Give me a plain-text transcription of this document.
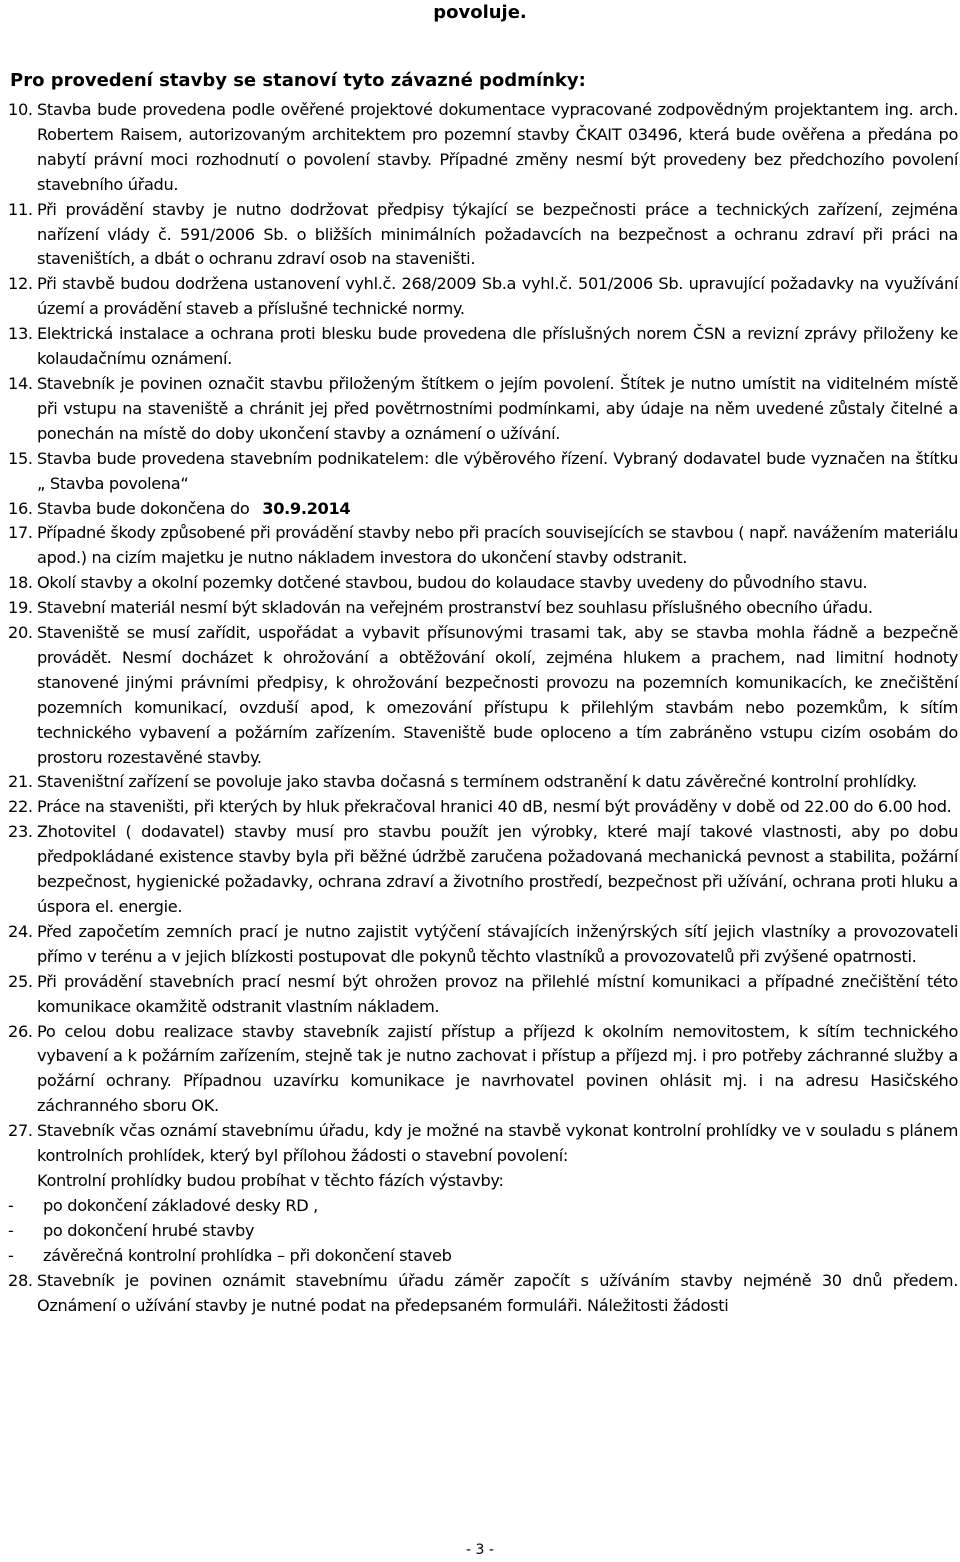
povoluje.
Pro provedení stavby se stanoví tyto závazné podmínky:
10. Stavba bude provedena podle ověřené projektové dokumentace vypracované zodpovědným projektantem ing. arch. Robertem Raisem, autorizovaným architektem pro pozemní stavby ČKAIT 03496, která bude ověřena a předána po nabytí právní moci rozhodnutí o povolení stavby. Případné změny nesmí být provedeny bez předchozího povolení stavebního úřadu.
11. Při provádění stavby je nutno dodržovat předpisy týkající se bezpečnosti práce a technických zařízení, zejména nařízení vlády č. 591/2006 Sb. o bližších minimálních požadavcích na bezpečnost a ochranu zdraví při práci na staveništích, a dbát o ochranu zdraví osob na staveništi.
12. Při stavbě budou dodržena ustanovení vyhl.č. 268/2009 Sb.a vyhl.č. 501/2006 Sb. upravující požadavky na využívání území a provádění staveb a příslušné technické normy.
13. Elektrická instalace a ochrana proti blesku bude provedena dle příslušných norem ČSN a revizní zprávy přiloženy ke kolaudačnímu oznámení.
14. Stavebník je povinen označit stavbu přiloženým štítkem o jejím povolení. Štítek je nutno umístit na viditelném místě při vstupu na staveniště a chránit jej před povětrnostními podmínkami, aby údaje na něm uvedené zůstaly čitelné a ponechán na místě do doby ukončení stavby a oznámení o užívání.
15. Stavba bude provedena stavebním podnikatelem: dle výběrového řízení. Vybraný dodavatel bude vyznačen na štítku „ Stavba povolena“
16. Stavba bude dokončena do 30.9.2014
17. Případné škody způsobené při provádění stavby nebo při pracích souvisejících se stavbou ( např. navážením materiálu apod.) na cizím majetku je nutno nákladem investora do ukončení stavby odstranit.
18. Okolí stavby a okolní pozemky dotčené stavbou, budou do kolaudace stavby uvedeny do původního stavu.
19. Stavební materiál nesmí být skladován na veřejném prostranství bez souhlasu příslušného obecního úřadu.
20. Staveniště se musí zařídit, uspořádat a vybavit přísunovými trasami tak, aby se stavba mohla řádně a bezpečně provádět. Nesmí docházet k ohrožování a obtěžování okolí, zejména hlukem a prachem, nad limitní hodnoty stanovené jinými právními předpisy, k ohrožování bezpečnosti provozu na pozemních komunikacích, ke znečištění pozemních komunikací, ovzduší apod, k omezování přístupu k přilehlým stavbám nebo pozemkům, k sítím technického vybavení a požárním zařízením. Staveniště bude oploceno a tím zabráněno vstupu cizím osobám do prostoru rozestavěné stavby.
21. Staveništní zařízení se povoluje jako stavba dočasná s termínem odstranění k datu závěrečné kontrolní prohlídky.
22. Práce na staveništi, při kterých by hluk překračoval hranici 40 dB, nesmí být prováděny v době od 22.00 do 6.00 hod.
23. Zhotovitel ( dodavatel) stavby musí pro stavbu použít jen výrobky, které mají takové vlastnosti, aby po dobu předpokládané existence stavby byla při běžné údržbě zaručena požadovaná mechanická pevnost a stabilita, požární bezpečnost, hygienické požadavky, ochrana zdraví a životního prostředí, bezpečnost při užívání, ochrana proti hluku a úspora el. energie.
24. Před započetím zemních prací je nutno zajistit vytýčení stávajících inženýrských sítí jejich vlastníky a provozovateli přímo v terénu a v jejich blízkosti postupovat dle pokynů těchto vlastníků a provozovatelů při zvýšené opatrnosti.
25. Při provádění stavebních prací nesmí být ohrožen provoz na přilehlé místní komunikaci a případné znečištění této komunikace okamžitě odstranit vlastním nákladem.
26. Po celou dobu realizace stavby stavebník zajistí přístup a příjezd k okolním nemovitostem, k sítím technického vybavení a k požárním zařízením, stejně tak je nutno zachovat i přístup a příjezd mj. i pro potřeby záchranné služby a požární ochrany. Případnou uzavírku komunikace je navrhovatel povinen ohlásit mj. i na adresu Hasičského záchranného sboru OK.
27. Stavebník včas oznámí stavebnímu úřadu, kdy je možné na stavbě vykonat kontrolní prohlídky ve v souladu s plánem kontrolních prohlídek, který byl přílohou žádosti o stavební povolení:
Kontrolní prohlídky budou probíhat v těchto fázích výstavby:
- po dokončení základové desky RD ,
- po dokončení hrubé stavby
- závěrečná kontrolní prohlídka – při dokončení staveb
28. Stavebník je povinen oznámit stavebnímu úřadu záměr započít s užíváním stavby nejméně 30 dnů předem. Oznámení o užívání stavby je nutné podat na předepsaném formuláři. Náležitosti žádosti
- 3 -
